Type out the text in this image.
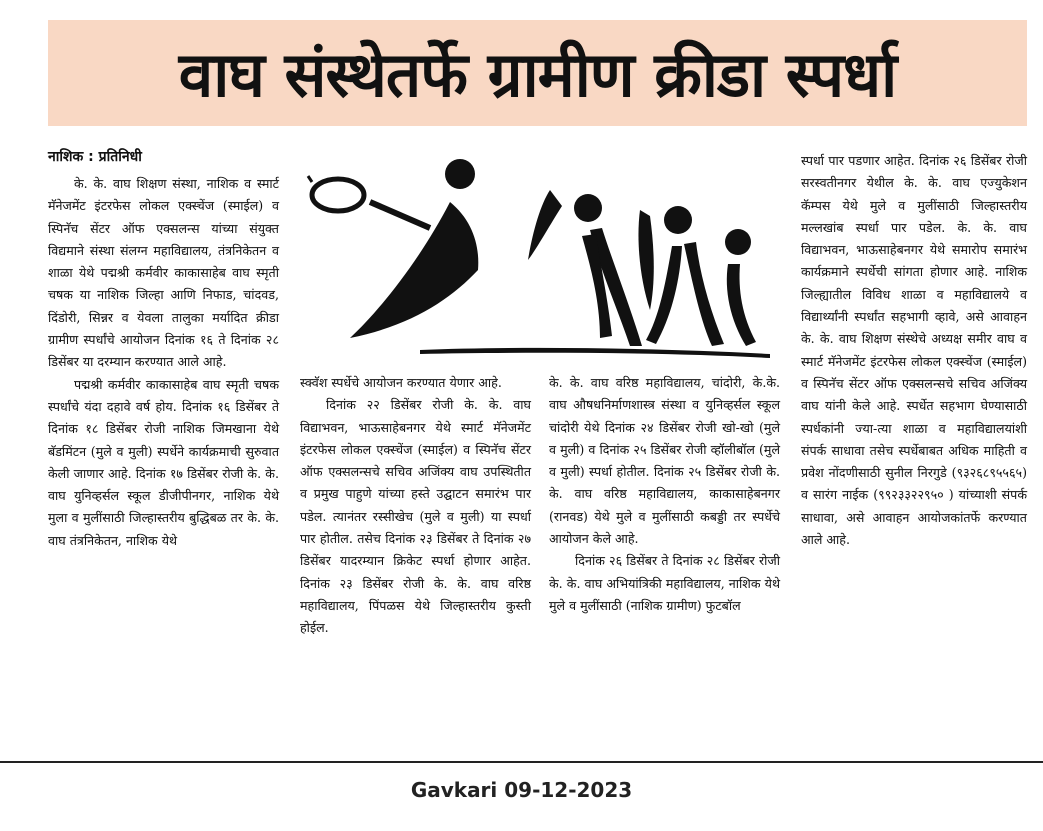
वाघ संस्थेतर्फे ग्रामीण क्रीडा स्पर्धा
नाशिक : प्रतिनिधी

के. के. वाघ शिक्षण संस्था, नाशिक व स्मार्ट मॅनेजमेंट इंटरफेस लोकल एक्स्चेंज (स्माईल) व स्पिनॅच सेंटर ऑफ एक्सलन्स यांच्या संयुक्त विद्यमाने संस्था संलग्न महाविद्यालय, तंत्रनिकेतन व शाळा येथे पद्मश्री कर्मवीर काकासाहेब वाघ स्मृती चषक या नाशिक जिल्हा आणि निफाड, चांदवड, दिंडोरी, सिन्नर व येवला तालुका मर्यादित क्रीडा ग्रामीण स्पर्धांचे आयोजन दिनांक १६ ते दिनांक २८ डिसेंबर या दरम्यान करण्यात आले आहे.

पद्मश्री कर्मवीर काकासाहेब वाघ स्मृती चषक स्पर्धांचे यंदा दहावे वर्ष होय. दिनांक १६ डिसेंबर ते दिनांक १८ डिसेंबर रोजी नाशिक जिमखाना येथे बॅडमिंटन (मुले व मुली) स्पर्धेने कार्यक्रमाची सुरुवात केली जाणार आहे. दिनांक १७ डिसेंबर रोजी के. के. वाघ युनिव्हर्सल स्कूल डीजीपीनगर, नाशिक येथे मुला व मुलींसाठी जिल्हास्तरीय बुद्धिबळ तर के. के. वाघ तंत्रनिकेतन, नाशिक येथे

स्क्वॅश स्पर्धेचे आयोजन करण्यात येणार आहे.

दिनांक २२ डिसेंबर रोजी के. के. वाघ विद्याभवन, भाऊसाहेबनगर येथे स्मार्ट मॅनेजमेंट इंटरफेस लोकल एक्स्चेंज (स्माईल) व स्पिनॅच सेंटर ऑफ एक्सलन्सचे सचिव अजिंक्य वाघ उपस्थितीत व प्रमुख पाहुणे यांच्या हस्ते उद्घाटन समारंभ पार पडेल. त्यानंतर रस्सीखेच (मुले व मुली) या स्पर्धा पार होतील. तसेच दिनांक २३ डिसेंबर ते दिनांक २७ डिसेंबर यादरम्यान क्रिकेट स्पर्धा होणार आहेत. दिनांक २३ डिसेंबर रोजी के. के. वाघ वरिष्ठ महाविद्यालय, पिंपळस येथे जिल्हास्तरीय कुस्ती होईल.

के. के. वाघ वरिष्ठ महाविद्यालय, चांदोरी, के.के. वाघ औषधनिर्माणशास्त्र संस्था व युनिव्हर्सल स्कूल चांदोरी येथे दिनांक २४ डिसेंबर रोजी खो-खो (मुले व मुली) व दिनांक २५ डिसेंबर रोजी व्हॉलीबॉल (मुले व मुली) स्पर्धा होतील. दिनांक २५ डिसेंबर रोजी के. के. वाघ वरिष्ठ महाविद्यालय, काकासाहेबनगर (रानवड) येथे मुले व मुलींसाठी कबड्डी तर स्पर्धेचे आयोजन केले आहे.

दिनांक २६ डिसेंबर ते दिनांक २८ डिसेंबर रोजी के. के. वाघ अभियांत्रिकी महाविद्यालय, नाशिक येथे मुले व मुलींसाठी (नाशिक ग्रामीण) फुटबॉल

स्पर्धा पार पडणार आहेत. दिनांक २६ डिसेंबर रोजी सरस्वतीनगर येथील के. के. वाघ एज्युकेशन कॅम्पस येथे मुले व मुलींसाठी जिल्हास्तरीय मल्लखांब स्पर्धा पार पडेल. के. के. वाघ विद्याभवन, भाऊसाहेबनगर येथे समारोप समारंभ कार्यक्रमाने स्पर्धेची सांगता होणार आहे. नाशिक जिल्ह्यातील विविध शाळा व महाविद्यालये व विद्यार्थ्यांनी स्पर्धांत सहभागी व्हावे, असे आवाहन के. के. वाघ शिक्षण संस्थेचे अध्यक्ष समीर वाघ व स्मार्ट मॅनेजमेंट इंटरफेस लोकल एक्स्चेंज (स्माईल) व स्पिनॅच सेंटर ऑफ एक्सलन्सचे सचिव अजिंक्य वाघ यांनी केले आहे. स्पर्धेत सहभाग घेण्यासाठी स्पर्धकांनी ज्या-त्या शाळा व महाविद्यालयांशी संपर्क साधावा तसेच स्पर्धेबाबत अधिक माहिती व प्रवेश नोंदणीसाठी सुनील निरगुडे (९३२६८९५५६५) व सारंग नाईक (९९२३३२२९५० ) यांच्याशी संपर्क साधावा, असे आवाहन आयोजकांतर्फे करण्यात आले आहे.

Gavkari 09-12-2023
